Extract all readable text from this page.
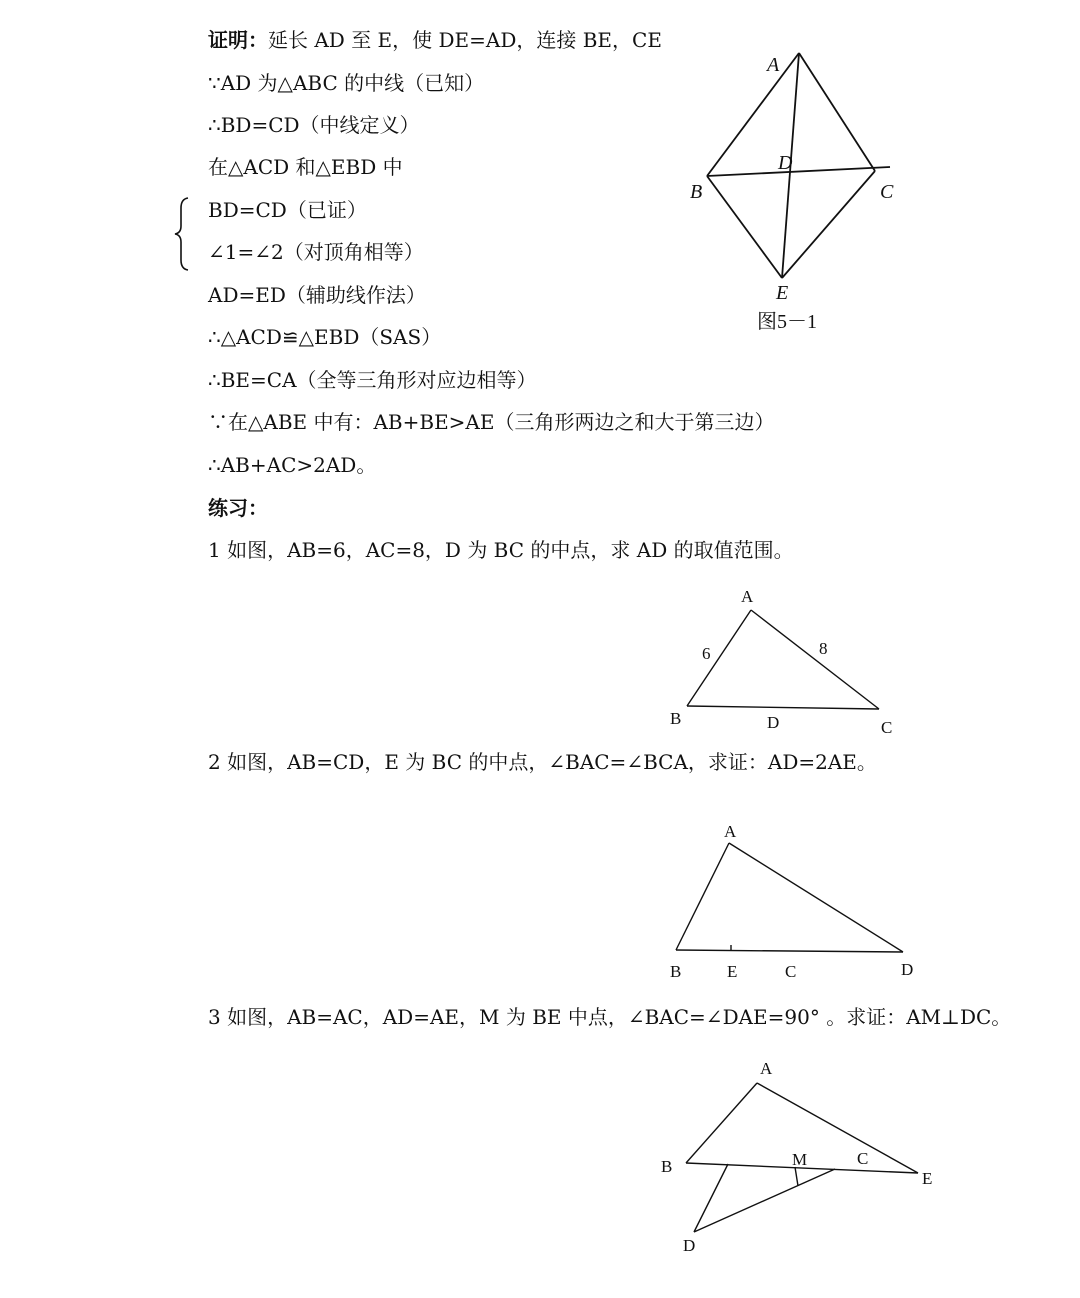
证明：延长 AD 至 E，使 DE=AD，连接 BE，CE
∵AD 为△ABC 的中线（已知）
∴BD=CD（中线定义）
在△ACD 和△EBD 中
BD=CD（已证）
∠1=∠2（对顶角相等）
AD=ED（辅助线作法）
∴△ACD≌△EBD（SAS）
∴BE=CA（全等三角形对应边相等）
∵在△ABE 中有：AB+BE>AE（三角形两边之和大于第三边）
∴AB+AC>2AD。
练习：
1 如图，AB=6，AC=8，D 为 BC 的中点，求 AD 的取值范围。
2 如图，AB=CD，E 为 BC 的中点，∠BAC=∠BCA，求证：AD=2AE。
3 如图，AB=AC，AD=AE，M 为 BE 中点，∠BAC=∠DAE=90° 。求证：AM⊥DC。
A
B	C
D
E
图5－1
A
B	C
D
6	8
A
B	E	C	D
A
B	M	C
E
D
